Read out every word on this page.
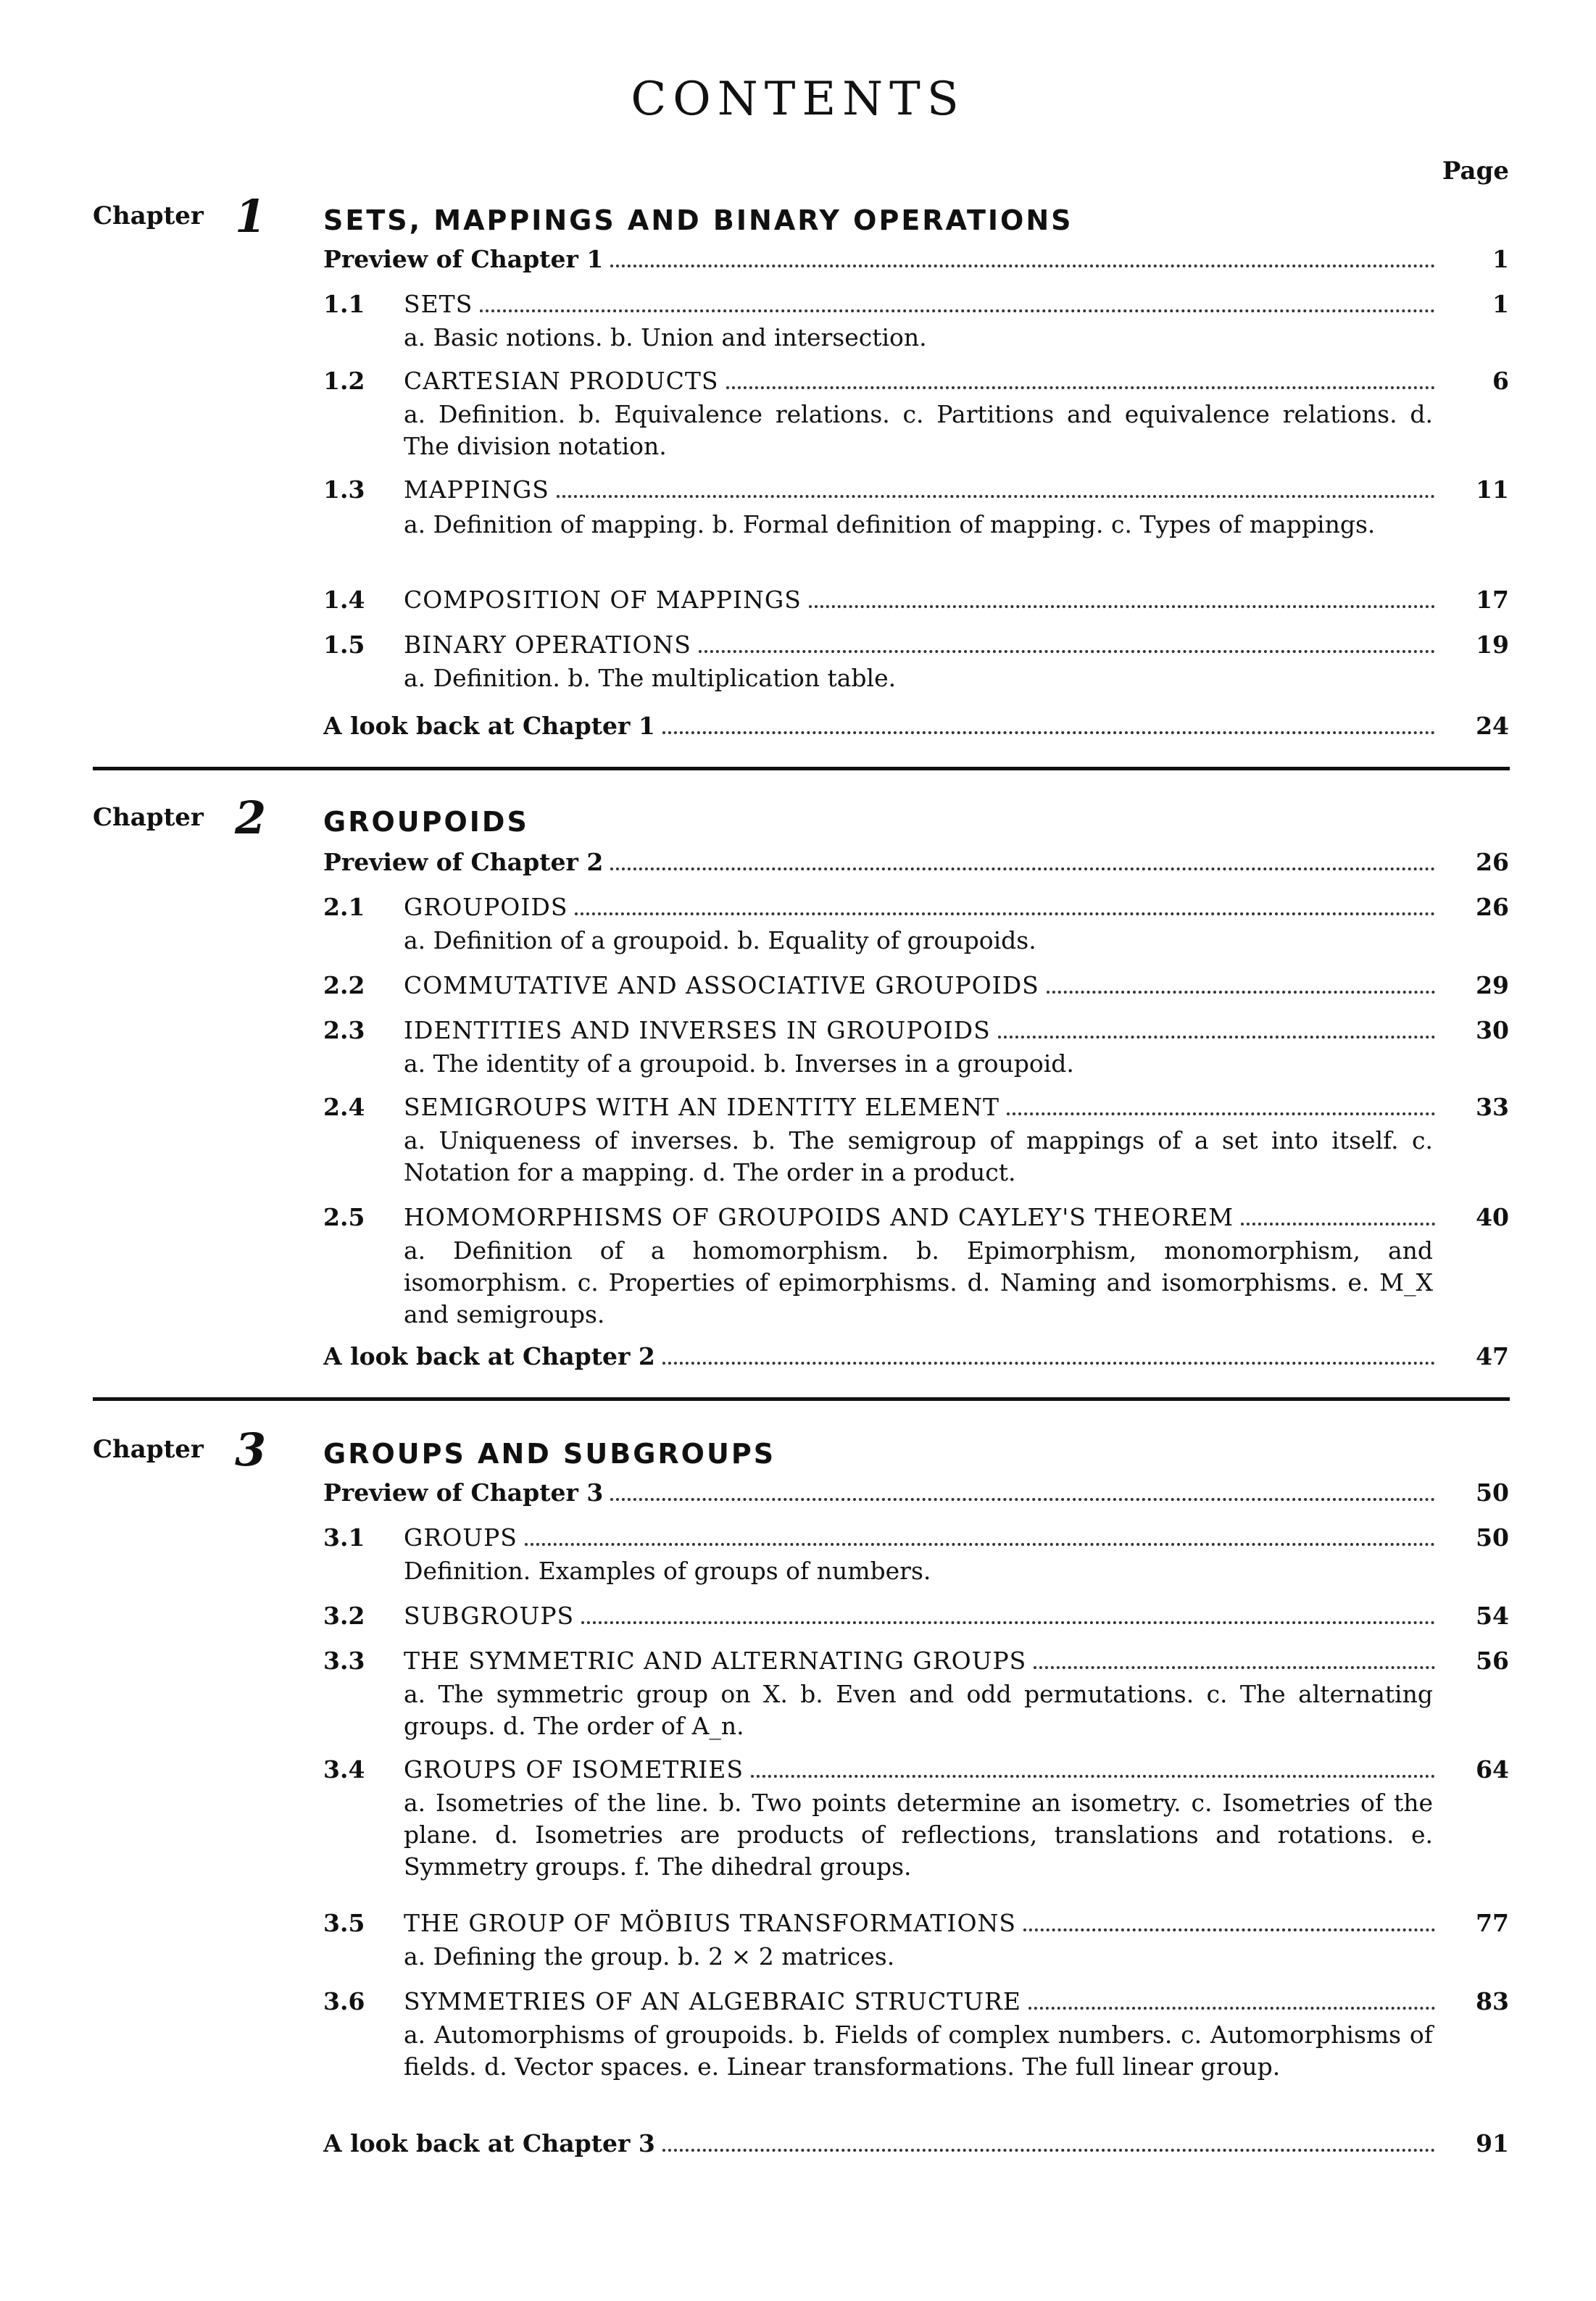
CONTENTS
Page
Chapter 1 SETS, MAPPINGS AND BINARY OPERATIONS
Preview of Chapter 1	1
1.1 SETS	1
a. Basic notions. b. Union and intersection.
1.2 CARTESIAN PRODUCTS	6
a. Definition. b. Equivalence relations. c. Partitions and equivalence relations. d. The division notation.
1.3 MAPPINGS	11
a. Definition of mapping. b. Formal definition of mapping. c. Types of mappings.
1.4 COMPOSITION OF MAPPINGS	17
1.5 BINARY OPERATIONS	19
a. Definition. b. The multiplication table.
A look back at Chapter 1	24
Chapter 2 GROUPOIDS
Preview of Chapter 2	26
2.1 GROUPOIDS	26
a. Definition of a groupoid. b. Equality of groupoids.
2.2 COMMUTATIVE AND ASSOCIATIVE GROUPOIDS	29
2.3 IDENTITIES AND INVERSES IN GROUPOIDS	30
a. The identity of a groupoid. b. Inverses in a groupoid.
2.4 SEMIGROUPS WITH AN IDENTITY ELEMENT	33
a. Uniqueness of inverses. b. The semigroup of mappings of a set into itself. c. Notation for a mapping. d. The order in a product.
2.5 HOMOMORPHISMS OF GROUPOIDS AND CAYLEY'S THEOREM	40
a. Definition of a homomorphism. b. Epimorphism, monomorphism, and isomorphism. c. Properties of epimorphisms. d. Naming and isomorphisms. e. M_X and semigroups.
A look back at Chapter 2	47
Chapter 3 GROUPS AND SUBGROUPS
Preview of Chapter 3	50
3.1 GROUPS	50
Definition. Examples of groups of numbers.
3.2 SUBGROUPS	54
3.3 THE SYMMETRIC AND ALTERNATING GROUPS	56
a. The symmetric group on X. b. Even and odd permutations. c. The alternating groups. d. The order of A_n.
3.4 GROUPS OF ISOMETRIES	64
a. Isometries of the line. b. Two points determine an isometry. c. Isometries of the plane. d. Isometries are products of reflections, translations and rotations. e. Symmetry groups. f. The dihedral groups.
3.5 THE GROUP OF MÖBIUS TRANSFORMATIONS	77
a. Defining the group. b. 2 × 2 matrices.
3.6 SYMMETRIES OF AN ALGEBRAIC STRUCTURE	83
a. Automorphisms of groupoids. b. Fields of complex numbers. c. Automorphisms of fields. d. Vector spaces. e. Linear transformations. The full linear group.
A look back at Chapter 3	91
